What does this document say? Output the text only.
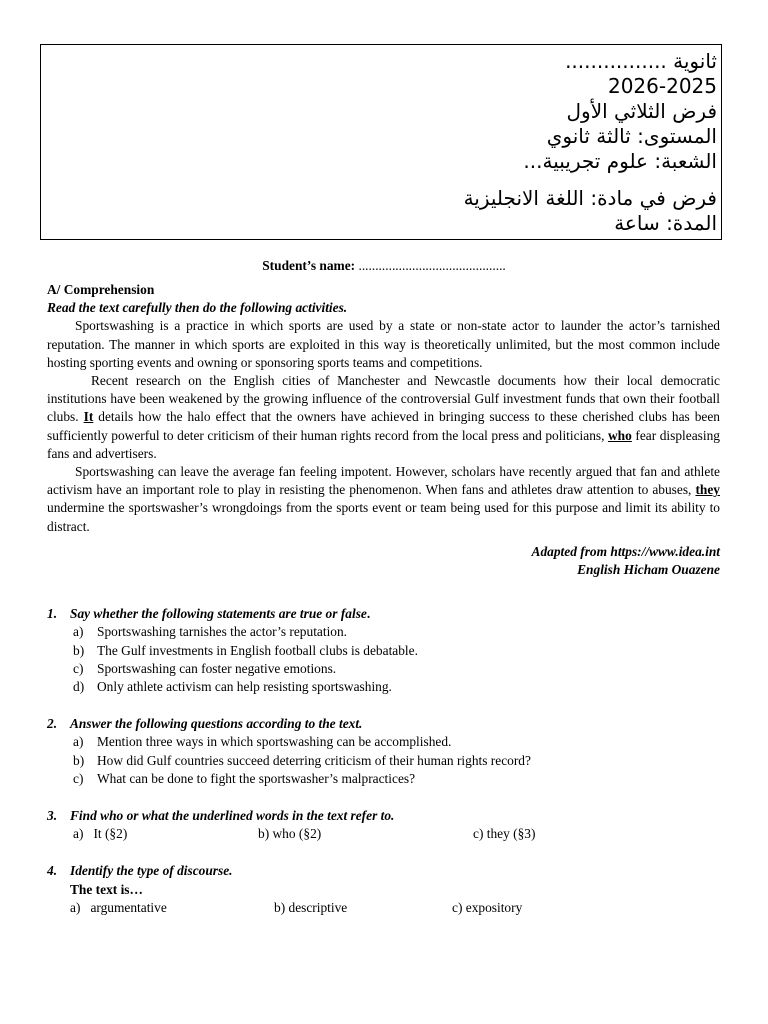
ثانوية ................
2026-2025
فرض الثلاثي الأول
المستوى: ثالثة ثانوي
الشعبة: علوم تجريبية...
فرض في مادة: اللغة الانجليزية
المدة: ساعة
Student’s name: ............................................
A/ Comprehension
Read the text carefully then do the following activities.

Sportswashing is a practice in which sports are used by a state or non-state actor to launder the actor’s tarnished reputation. The manner in which sports are exploited in this way is theoretically unlimited, but the most common include hosting sporting events and owning or sponsoring sports teams and competitions.

Recent research on the English cities of Manchester and Newcastle documents how their local democratic institutions have been weakened by the growing influence of the controversial Gulf investment funds that own their football clubs. It details how the halo effect that the owners have achieved in bringing success to these cherished clubs has been sufficiently powerful to deter criticism of their human rights record from the local press and politicians, who fear displeasing fans and advertisers.

Sportswashing can leave the average fan feeling impotent. However, scholars have recently argued that fan and athlete activism have an important role to play in resisting the phenomenon. When fans and athletes draw attention to abuses, they undermine the sportswasher’s wrongdoings from the sports event or team being used for this purpose and limit its ability to distract.

Adapted from https://www.idea.int
English Hicham Ouazene
1. Say whether the following statements are true or false.
a)	Sportswashing tarnishes the actor’s reputation.
b) The Gulf investments in English football clubs is debatable.
c)	Sportswashing can foster negative emotions.
d) Only athlete activism can help resisting sportswashing.
2. Answer the following questions according to the text.
a)	Mention three ways in which sportswashing can be accomplished.
b) How did Gulf countries succeed deterring criticism of their human rights record?
c)	What can be done to fight the sportswasher’s malpractices?
3. Find who or what the underlined words in the text refer to.
a)   It (§2)	b) who (§2)	c) they (§3)
4. Identify the type of discourse.
The text is…
a)   argumentative	b) descriptive	c) expository
